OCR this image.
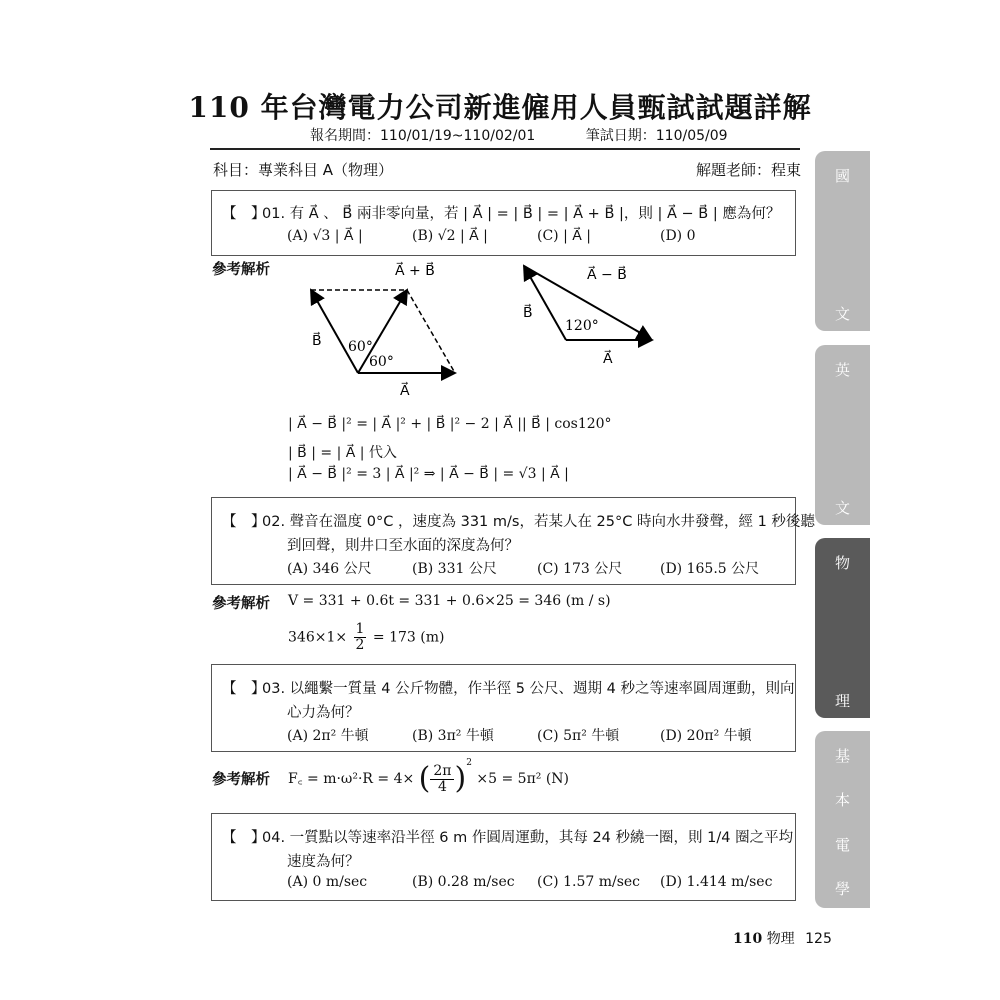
110 年台灣電力公司新進僱用人員甄試試題詳解
報名期間：110/01/19~110/02/01	筆試日期：110/05/09
科目：專業科目 A（物理）	解題老師：程東
【　】
01. 有 A⃗ 、 B⃗ 兩非零向量，若 | A⃗ | = | B⃗ | = | A⃗ + B⃗ |，則 | A⃗ − B⃗ | 應為何？
(A) √3 | A⃗ |	(B) √2 | A⃗ |	(C) | A⃗ |	(D) 0
參考解析	A⃗ + B⃗
B⃗
A⃗
60°
60°
A⃗ − B⃗
B⃗
120°
A⃗
| A⃗ − B⃗ |² = | A⃗ |² + | B⃗ |² − 2 | A⃗ || B⃗ | cos120°
| B⃗ | = | A⃗ | 代入
| A⃗ − B⃗ |² = 3 | A⃗ |² ⇒ | A⃗ − B⃗ | = √3 | A⃗ |
【　】
02. 聲音在溫度 0°C ，速度為 331 m/s，若某人在 25°C 時向水井發聲，經 1 秒後聽
到回聲，則井口至水面的深度為何？
(A) 346 公尺	(B) 331 公尺	(C) 173 公尺	(D) 165.5 公尺
參考解析 V = 331 + 0.6t = 331 + 0.6×25 = 346 (m / s)
$346\times 1\times \frac{1}{2} = 173$ (m)
【　】
03. 以繩繫一質量 4 公斤物體，作半徑 5 公尺、週期 4 秒之等速率圓周運動，則向
心力為何？
(A) 2π² 牛頓	(B) 3π² 牛頓	(C) 5π² 牛頓	(D) 20π² 牛頓
參考解析 F꜀ = m·ω²·R = 4× ( $\frac{2\pi}{4} )^2 \times 5 = 5\pi^2$ (N)
【　】
04. 一質點以等速率沿半徑 6 m 作圓周運動，其每 24 秒繞一圈，則 1/4 圈之平均
速度為何？
(A) 0 m/sec	(B) 0.28 m/sec (C) 1.57 m/sec (D) 1.414 m/sec
國
文
英
文
物
理
基
本
電
學
110 物理 125
